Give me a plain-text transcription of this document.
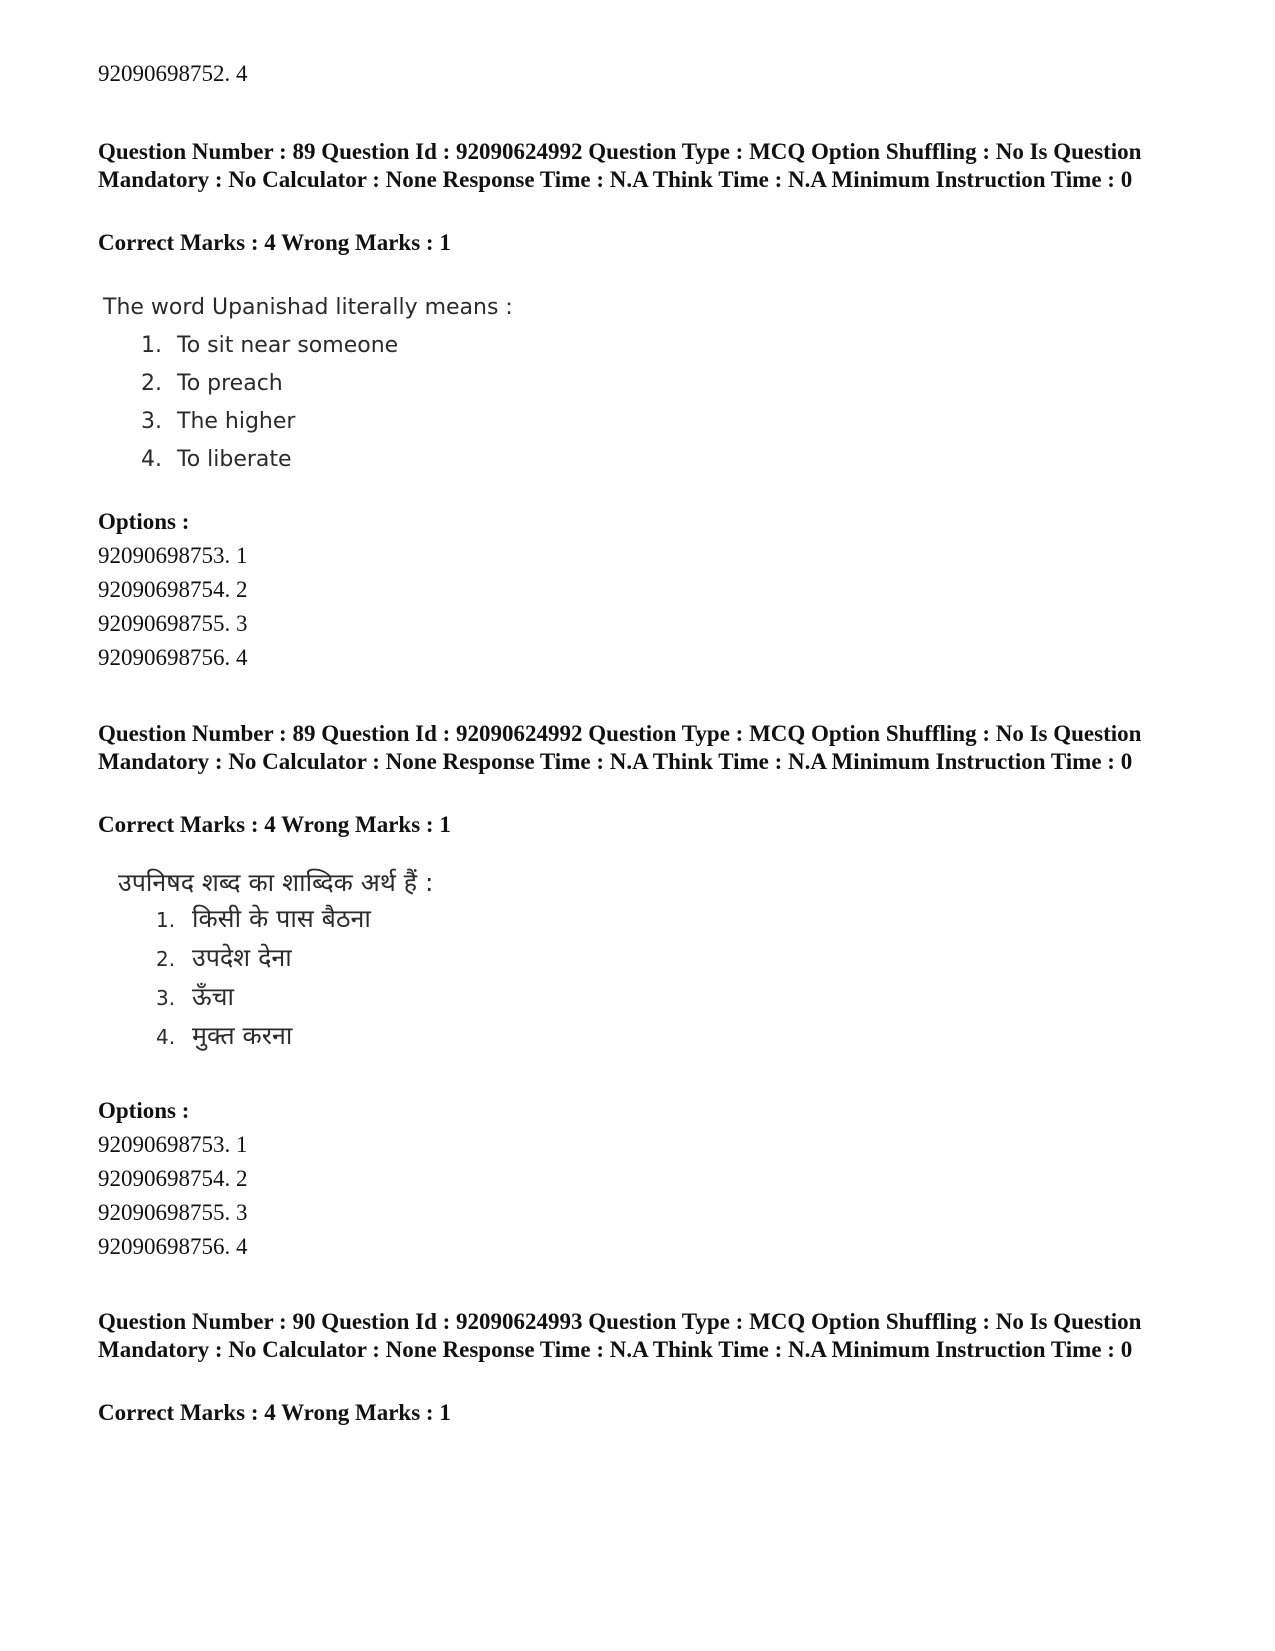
92090698752. 4
Question Number : 89 Question Id : 92090624992 Question Type : MCQ Option Shuffling : No Is Question Mandatory : No Calculator : None Response Time : N.A Think Time : N.A Minimum Instruction Time : 0
Correct Marks : 4 Wrong Marks : 1
The word Upanishad literally means :
1. To sit near someone
2. To preach
3. The higher
4. To liberate
Options :
92090698753. 1
92090698754. 2
92090698755. 3
92090698756. 4
Question Number : 89 Question Id : 92090624992 Question Type : MCQ Option Shuffling : No Is Question Mandatory : No Calculator : None Response Time : N.A Think Time : N.A Minimum Instruction Time : 0
Correct Marks : 4 Wrong Marks : 1
उपनिषद शब्द का शाब्दिक अर्थ हैं :
1. किसी के पास बैठना
2. उपदेश देना
3. ऊँचा
4. मुक्त करना
Options :
92090698753. 1
92090698754. 2
92090698755. 3
92090698756. 4
Question Number : 90 Question Id : 92090624993 Question Type : MCQ Option Shuffling : No Is Question Mandatory : No Calculator : None Response Time : N.A Think Time : N.A Minimum Instruction Time : 0
Correct Marks : 4 Wrong Marks : 1
